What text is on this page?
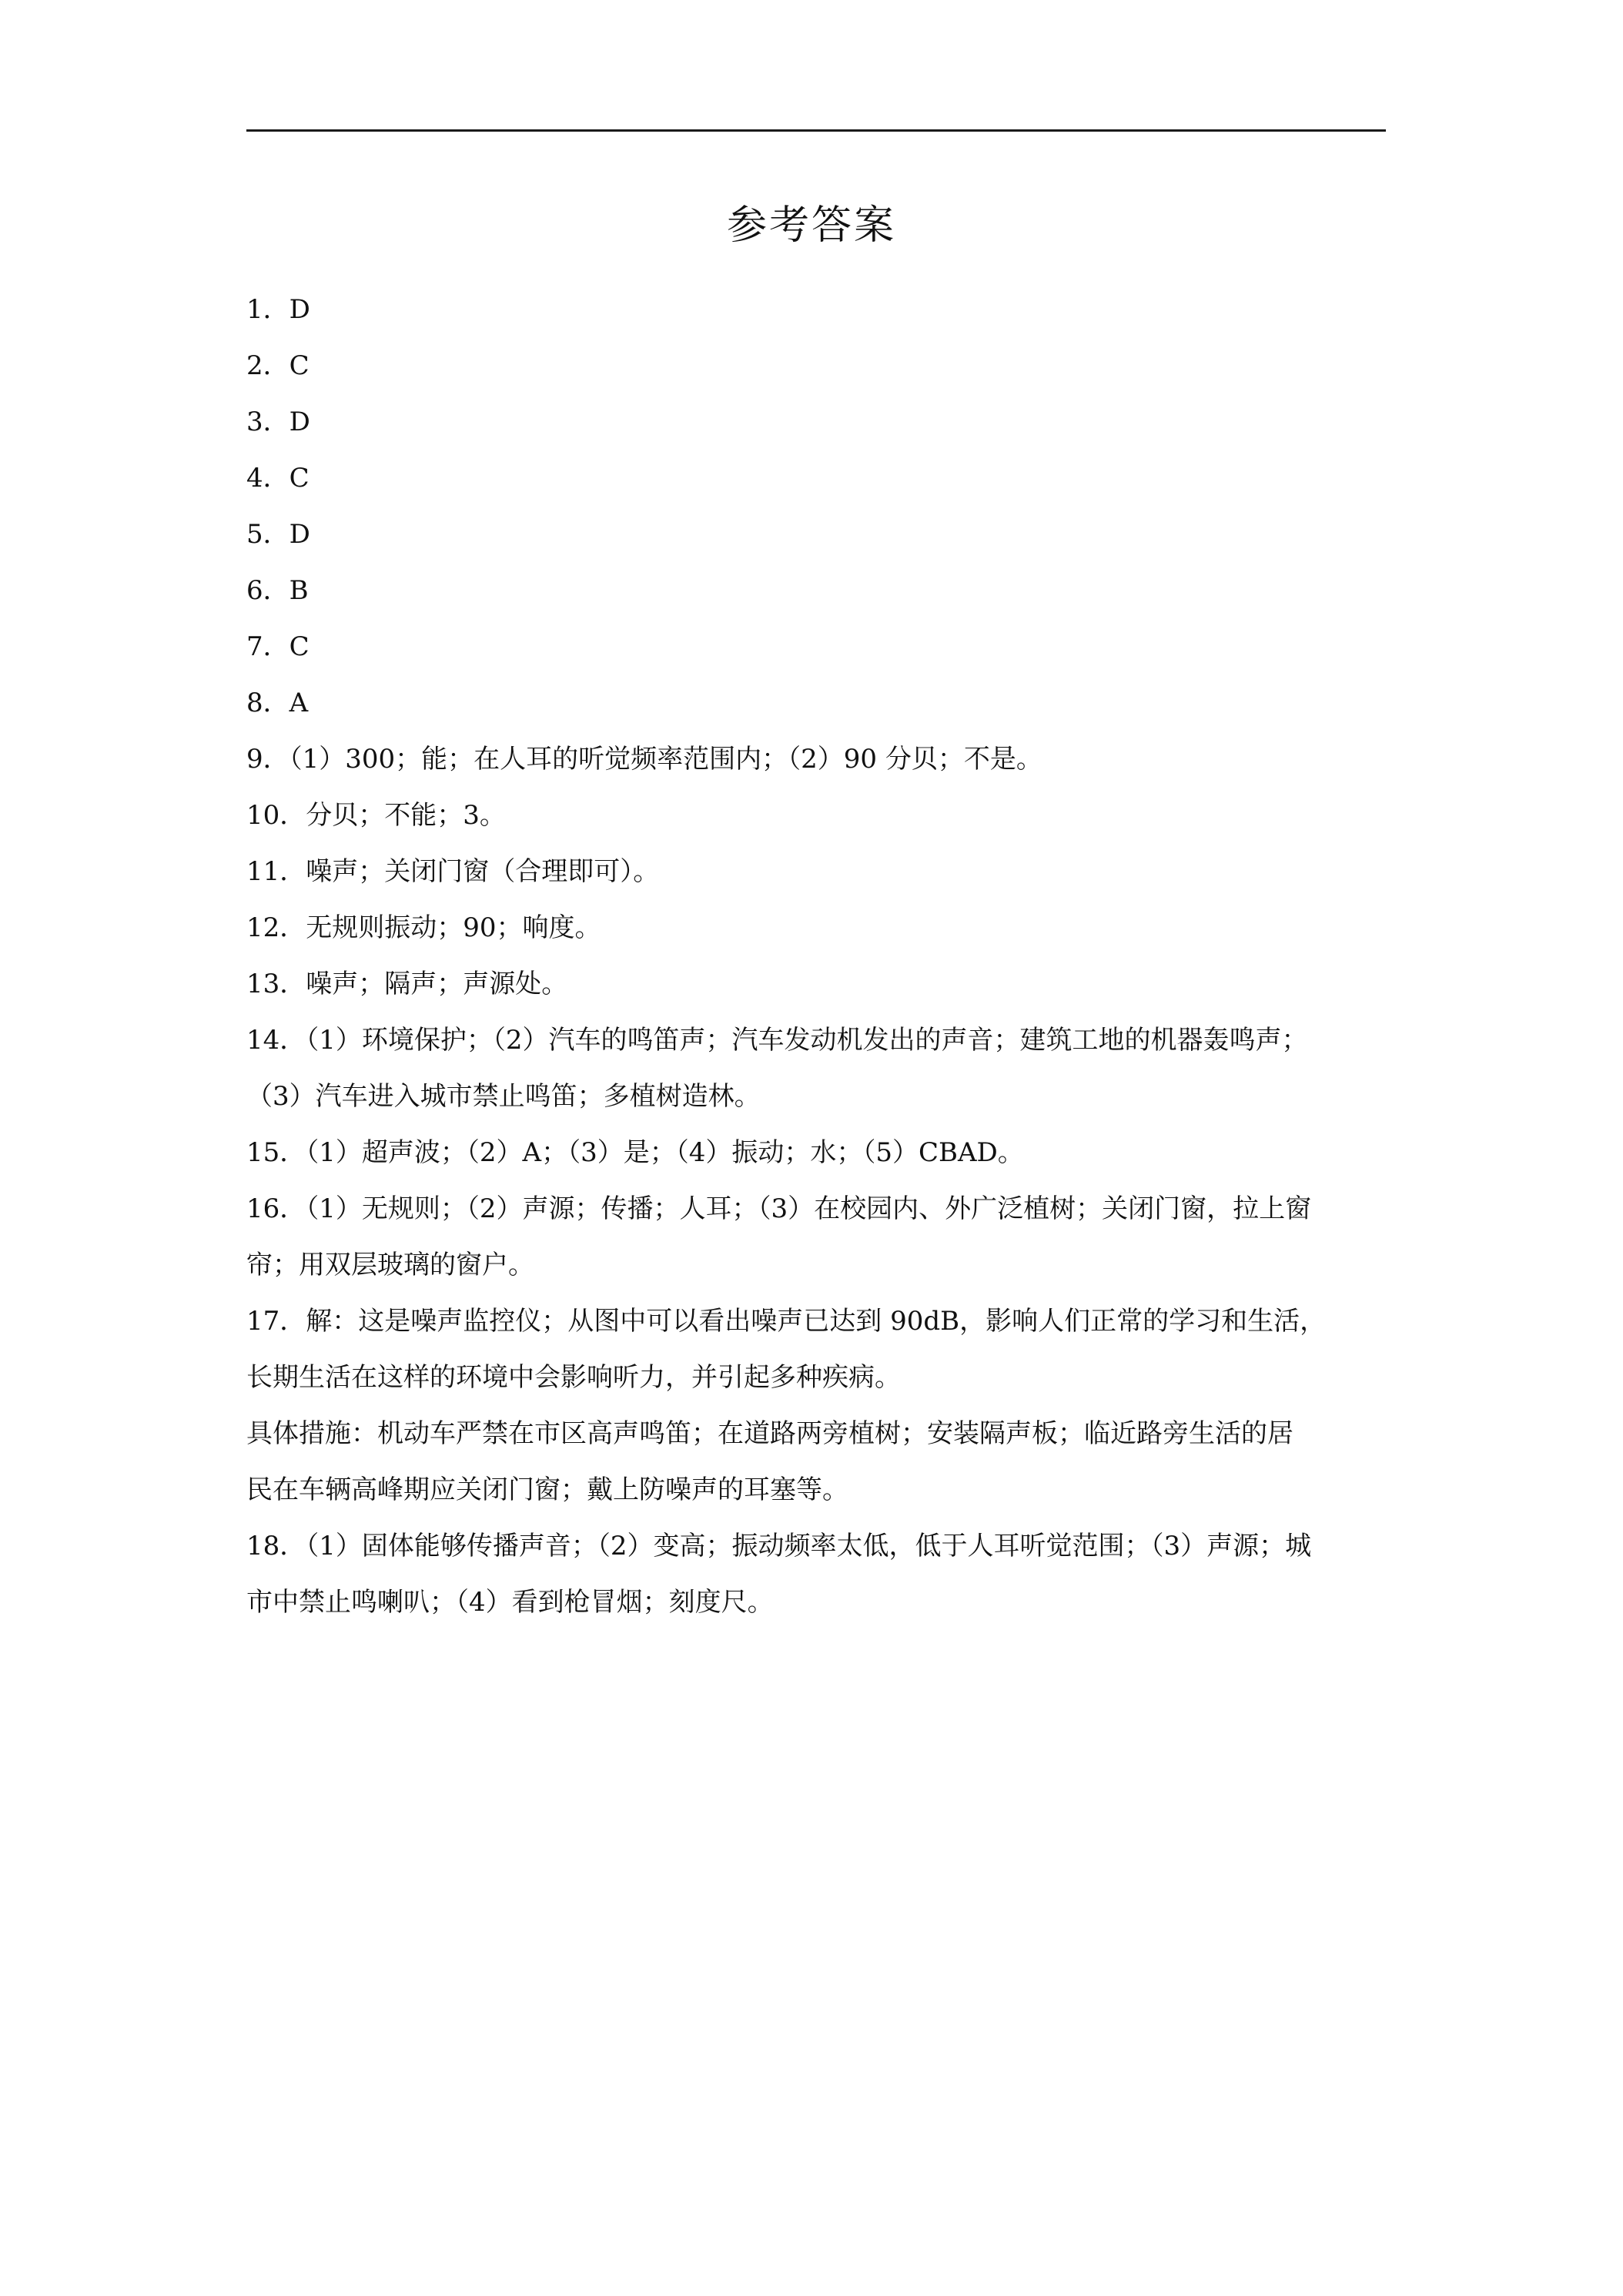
参考答案
1．D
2．C
3．D
4．C
5．D
6．B
7．C
8．A
9．（1）300；能；在人耳的听觉频率范围内；（2）90 分贝；不是。
10．分贝；不能；3。
11．噪声；关闭门窗（合理即可）。
12．无规则振动；90；响度。
13．噪声；隔声；声源处。
14．（1）环境保护；（2）汽车的鸣笛声；汽车发动机发出的声音；建筑工地的机器轰鸣声；
（3）汽车进入城市禁止鸣笛；多植树造林。
15．（1）超声波；（2）A；（3）是；（4）振动；水；（5）CBAD。
16．（1）无规则；（2）声源；传播；人耳；（3）在校园内、外广泛植树；关闭门窗，拉上窗
帘；用双层玻璃的窗户。
17．解：这是噪声监控仪；从图中可以看出噪声已达到 90dB，影响人们正常的学习和生活，
长期生活在这样的环境中会影响听力，并引起多种疾病。
具体措施：机动车严禁在市区高声鸣笛；在道路两旁植树；安装隔声板；临近路旁生活的居
民在车辆高峰期应关闭门窗；戴上防噪声的耳塞等。
18．（1）固体能够传播声音；（2）变高；振动频率太低，低于人耳听觉范围；（3）声源；城
市中禁止鸣喇叭；（4）看到枪冒烟；刻度尺。
